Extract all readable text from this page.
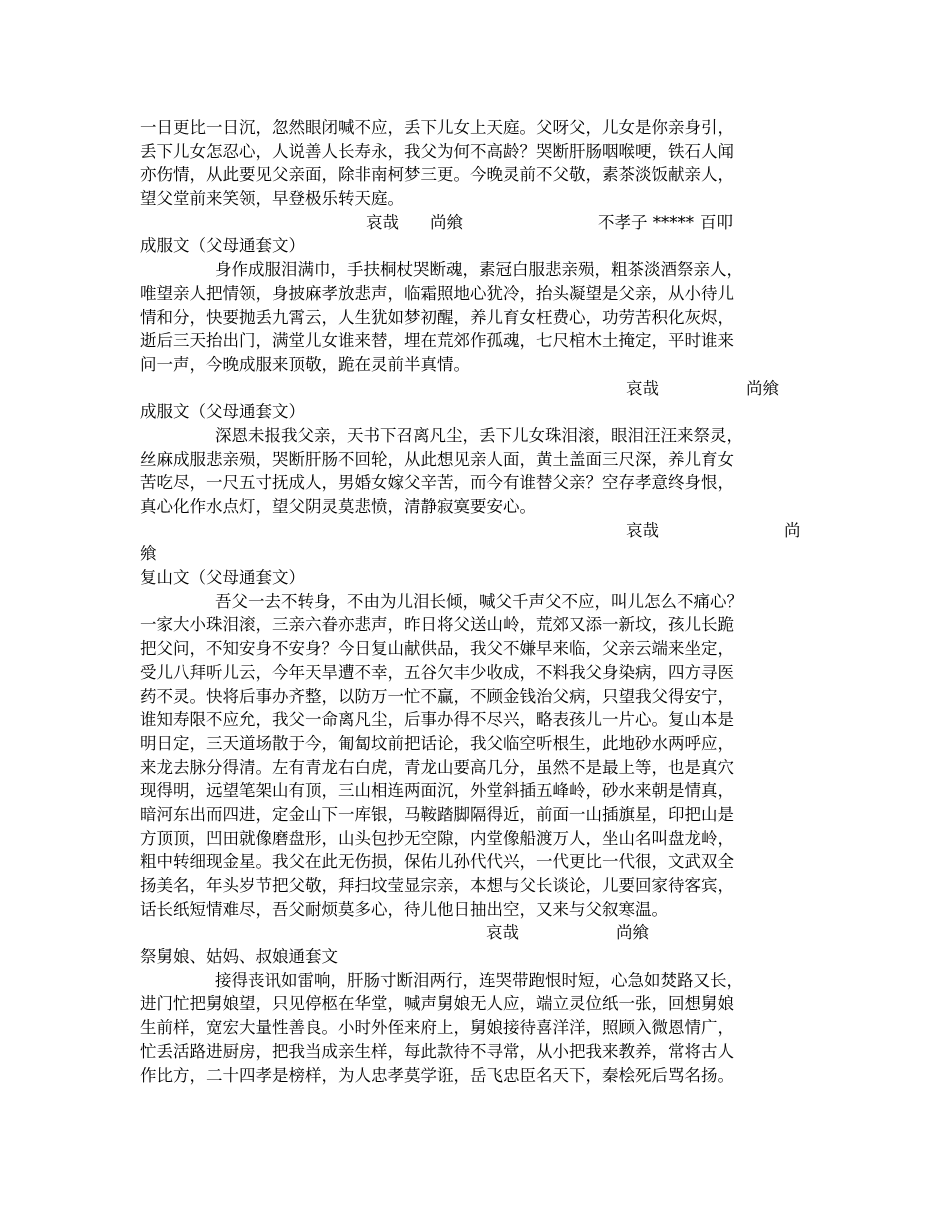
一日更比一日沉，忽然眼闭喊不应，丢下儿女上天庭。父呀父，儿女是你亲身引，
丢下儿女怎忍心，人说善人长寿永，我父为何不高龄？哭断肝肠咽喉哽，铁石人闻
亦伤情，从此要见父亲面，除非南柯梦三更。今晚灵前不父敬，素茶淡饭献亲人，
望父堂前来笑领，早登极乐转天庭。
哀哉 尚飨	不孝子 ***** 百叩
成服文（父母通套文）
身作成服泪满巾，手扶桐杖哭断魂，素冠白服悲亲殒，粗茶淡酒祭亲人，
唯望亲人把情领，身披麻孝放悲声，临霜照地心犹冷，抬头凝望是父亲，从小待儿
情和分，快要抛丢九霄云，人生犹如梦初醒，养儿育女枉费心，功劳苦积化灰烬，
逝后三天抬出门，满堂儿女谁来替，埋在荒郊作孤魂，七尺棺木土掩定，平时谁来
问一声，今晚成服来顶敬，跪在灵前半真情。
哀哉	尚飨
成服文（父母通套文）
深恩未报我父亲，天书下召离凡尘，丢下儿女珠泪滚，眼泪汪汪来祭灵，
丝麻成服悲亲殒，哭断肝肠不回轮，从此想见亲人面，黄土盖面三尺深，养儿育女
苦吃尽，一尺五寸抚成人，男婚女嫁父辛苦，而今有谁替父亲？空存孝意终身恨，
真心化作水点灯，望父阴灵莫悲愤，清静寂寞要安心。
哀哉	尚
飨
复山文（父母通套文）
吾父一去不转身，不由为儿泪长倾，喊父千声父不应，叫儿怎么不痛心？
一家大小珠泪滚，三亲六眷亦悲声，昨日将父送山岭，荒郊又添一新坟，孩儿长跪
把父问，不知安身不安身？今日复山献供品，我父不嫌早来临，父亲云端来坐定，
受儿八拜听儿云，今年天旱遭不幸，五谷欠丰少收成，不料我父身染病，四方寻医
药不灵。快将后事办齐整，以防万一忙不赢，不顾金钱治父病，只望我父得安宁，
谁知寿限不应允，我父一命离凡尘，后事办得不尽兴，略表孩儿一片心。复山本是
明日定，三天道场散于今，匍匐坟前把话论，我父临空听根生，此地砂水两呼应，
来龙去脉分得清。左有青龙右白虎，青龙山要高几分，虽然不是最上等，也是真穴
现得明，远望笔架山有顶，三山相连两面沉，外堂斜插五峰岭，砂水来朝是情真，
暗河东出而四进，定金山下一库银，马鞍踏脚隔得近，前面一山插旗星，印把山是
方顶顶，凹田就像磨盘形，山头包抄无空隙，内堂像船渡万人，坐山名叫盘龙岭，
粗中转细现金星。我父在此无伤损，保佑儿孙代代兴，一代更比一代很，文武双全
扬美名，年头岁节把父敬，拜扫坟莹显宗亲，本想与父长谈论，儿要回家待客宾，
话长纸短情难尽，吾父耐烦莫多心，待儿他日抽出空，又来与父叙寒温。
哀哉	尚飨
祭舅娘、姑妈、叔娘通套文
接得丧讯如雷响，肝肠寸断泪两行，连哭带跑恨时短，心急如焚路又长，
进门忙把舅娘望，只见停柩在华堂，喊声舅娘无人应，端立灵位纸一张，回想舅娘
生前样，宽宏大量性善良。小时外侄来府上，舅娘接待喜洋洋，照顾入微恩情广，
忙丢活路进厨房，把我当成亲生样，每此款待不寻常，从小把我来教养，常将古人
作比方，二十四孝是榜样，为人忠孝莫学诳，岳飞忠臣名天下，秦桧死后骂名扬。
